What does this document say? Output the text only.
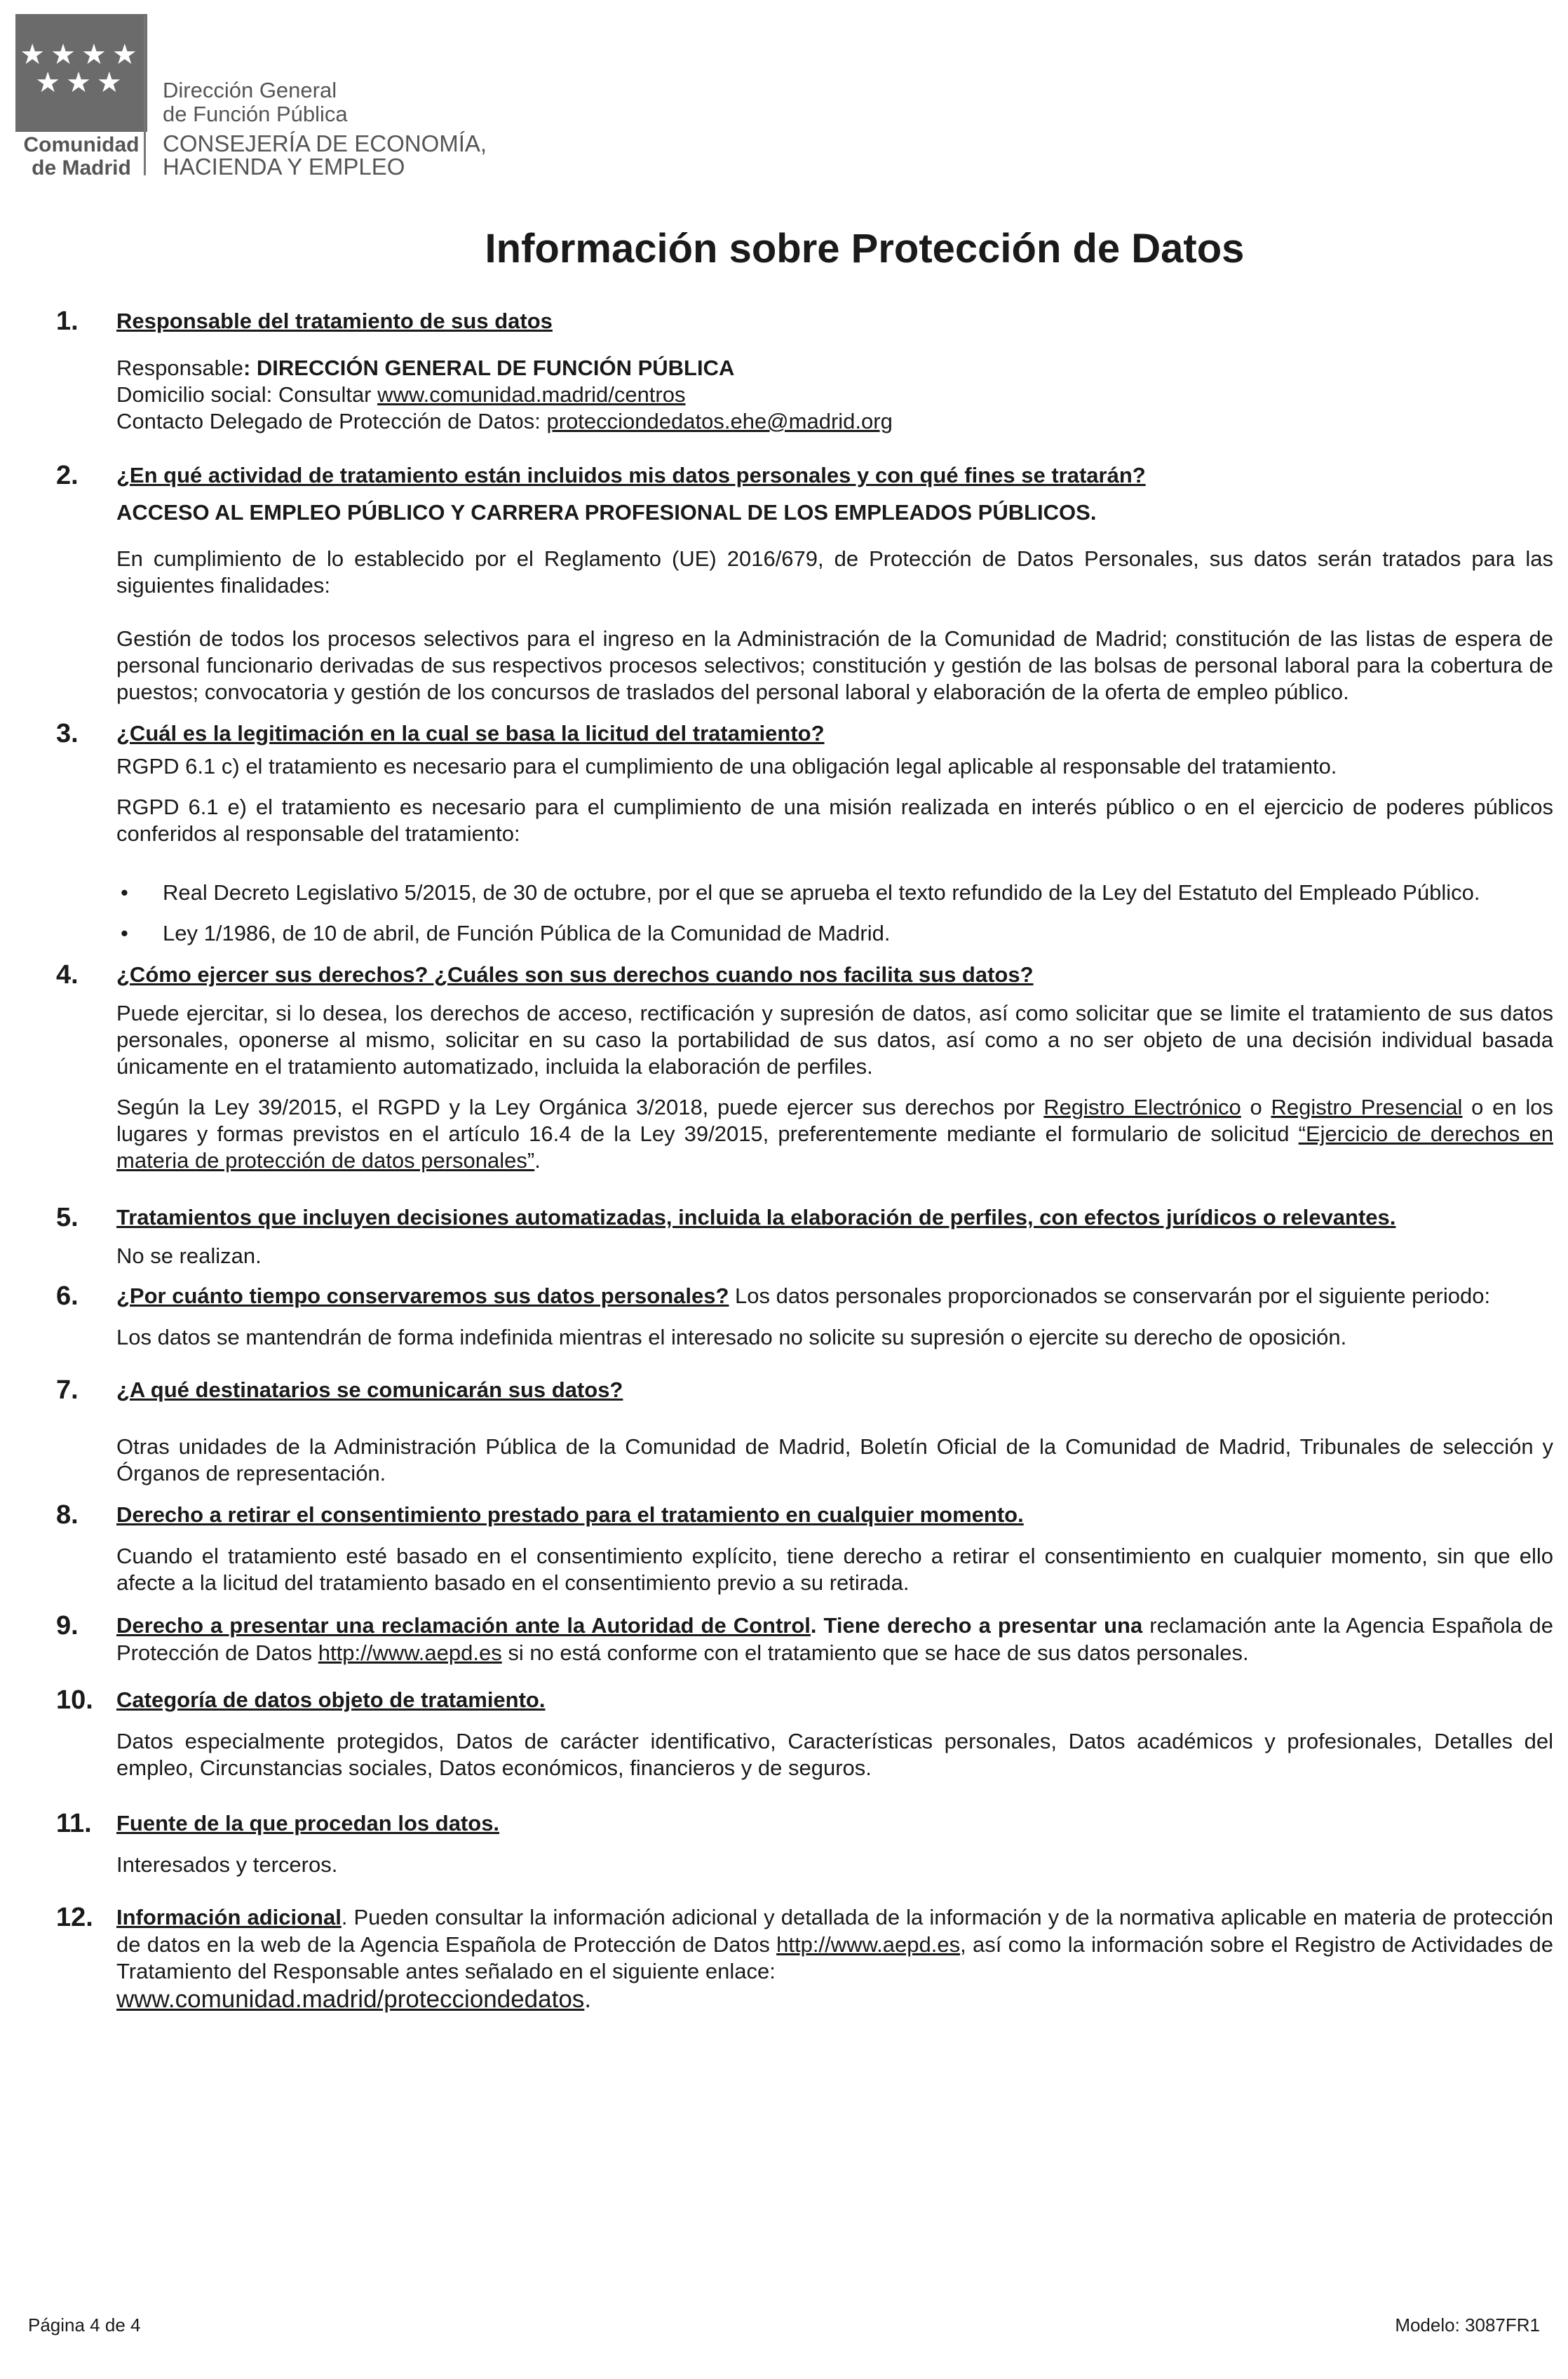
★★★★
★★★
Comunidad
de Madrid
Dirección General
de Función Pública
CONSEJERÍA DE ECONOMÍA,
HACIENDA Y EMPLEO
Información sobre Protección de Datos
1. Responsable del tratamiento de sus datos
Responsable: DIRECCIÓN GENERAL DE FUNCIÓN PÚBLICA
Domicilio social: Consultar www.comunidad.madrid/centros
Contacto Delegado de Protección de Datos: protecciondedatos.ehe@madrid.org
2. ¿En qué actividad de tratamiento están incluidos mis datos personales y con qué fines se tratarán?
ACCESO AL EMPLEO PÚBLICO Y CARRERA PROFESIONAL DE LOS EMPLEADOS PÚBLICOS.

En cumplimiento de lo establecido por el Reglamento (UE) 2016/679, de Protección de Datos Personales, sus datos serán tratados para las siguientes finalidades:

Gestión de todos los procesos selectivos para el ingreso en la Administración de la Comunidad de Madrid; constitución de las listas de espera de personal funcionario derivadas de sus respectivos procesos selectivos; constitución y gestión de las bolsas de personal laboral para la cobertura de puestos; convocatoria y gestión de los concursos de traslados del personal laboral y elaboración de la oferta de empleo público.

3. ¿Cuál es la legitimación en la cual se basa la licitud del tratamiento?

RGPD 6.1 c) el tratamiento es necesario para el cumplimiento de una obligación legal aplicable al responsable del tratamiento.

RGPD 6.1 e) el tratamiento es necesario para el cumplimiento de una misión realizada en interés público o en el ejercicio de poderes públicos conferidos al responsable del tratamiento:

• Real Decreto Legislativo 5/2015, de 30 de octubre, por el que se aprueba el texto refundido de la Ley del Estatuto del Empleado Público.
• Ley 1/1986, de 10 de abril, de Función Pública de la Comunidad de Madrid.
4. ¿Cómo ejercer sus derechos? ¿Cuáles son sus derechos cuando nos facilita sus datos?

Puede ejercitar, si lo desea, los derechos de acceso, rectificación y supresión de datos, así como solicitar que se limite el tratamiento de sus datos personales, oponerse al mismo, solicitar en su caso la portabilidad de sus datos, así como a no ser objeto de una decisión individual basada únicamente en el tratamiento automatizado, incluida la elaboración de perfiles.

Según la Ley 39/2015, el RGPD y la Ley Orgánica 3/2018, puede ejercer sus derechos por Registro Electrónico o Registro Presencial o en los lugares y formas previstos en el artículo 16.4 de la Ley 39/2015, preferentemente mediante el formulario de solicitud “Ejercicio de derechos en materia de protección de datos personales”.

5. Tratamientos que incluyen decisiones automatizadas, incluida la elaboración de perfiles, con efectos jurídicos o relevantes.

No se realizan.

6. ¿Por cuánto tiempo conservaremos sus datos personales? Los datos personales proporcionados se conservarán por el siguiente periodo:

Los datos se mantendrán de forma indefinida mientras el interesado no solicite su supresión o ejercite su derecho de oposición.

7. ¿A qué destinatarios se comunicarán sus datos?

Otras unidades de la Administración Pública de la Comunidad de Madrid, Boletín Oficial de la Comunidad de Madrid, Tribunales de selección y Órganos de representación.

8. Derecho a retirar el consentimiento prestado para el tratamiento en cualquier momento.

Cuando el tratamiento esté basado en el consentimiento explícito, tiene derecho a retirar el consentimiento en cualquier momento, sin que ello afecte a la licitud del tratamiento basado en el consentimiento previo a su retirada.

9. Derecho a presentar una reclamación ante la Autoridad de Control. Tiene derecho a presentar una reclamación ante la Agencia Española de Protección de Datos http://www.aepd.es si no está conforme con el tratamiento que se hace de sus datos personales.

10. Categoría de datos objeto de tratamiento.

Datos especialmente protegidos, Datos de carácter identificativo, Características personales, Datos académicos y profesionales, Detalles del empleo, Circunstancias sociales, Datos económicos, financieros y de seguros.

11. Fuente de la que procedan los datos.

Interesados y terceros.

12. Información adicional. Pueden consultar la información adicional y detallada de la información y de la normativa aplicable en materia de protección de datos en la web de la Agencia Española de Protección de Datos http://www.aepd.es, así como la información sobre el Registro de Actividades de Tratamiento del Responsable antes señalado en el siguiente enlace:

www.comunidad.madrid/protecciondedatos.
Página 4 de 4	Modelo: 3087FR1
